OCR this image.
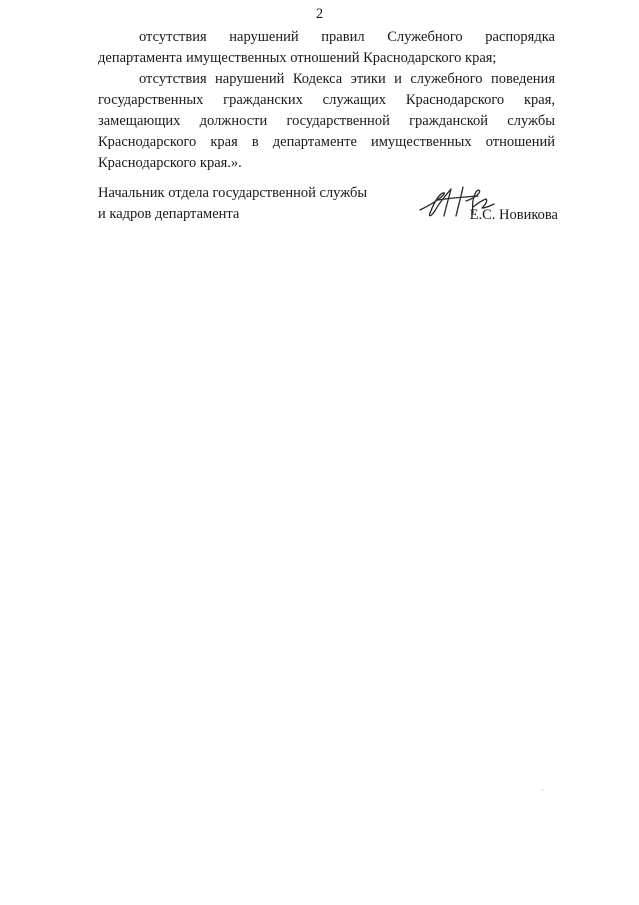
2

отсутствия нарушений правил Служебного распорядка департамента имущественных отношений Краснодарского края;

отсутствия нарушений Кодекса этики и служебного поведения государственных гражданских служащих Краснодарского края, замещающих должности государственной гражданской службы Краснодарского края в департаменте имущественных отношений Краснодарского края.».

Начальник отдела государственной службы
и кадров департамента	Е.С. Новикова
